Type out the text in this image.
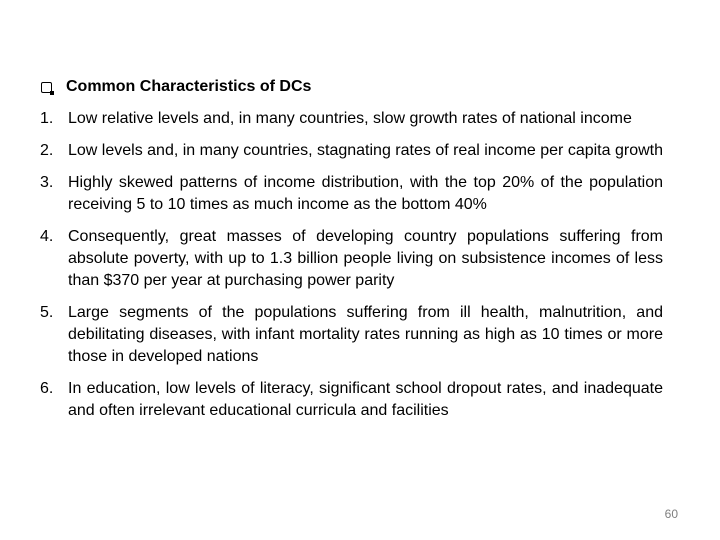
Common Characteristics of DCs
1. Low relative levels and, in many countries, slow growth rates of national income
2. Low levels and, in many countries, stagnating rates of real income per capita growth
3. Highly skewed patterns of income distribution, with the top 20% of the population receiving 5 to 10 times as much income as the bottom 40%
4. Consequently, great masses of developing country populations suffering from absolute poverty, with up to 1.3 billion people living on subsistence incomes of less than $370 per year at purchasing power parity
5. Large segments of the populations suffering from ill health, malnutrition, and debilitating diseases, with infant mortality rates running as high as 10 times or more those in developed nations
6. In education, low levels of literacy, significant school dropout rates, and inadequate and often irrelevant educational curricula and facilities
60
